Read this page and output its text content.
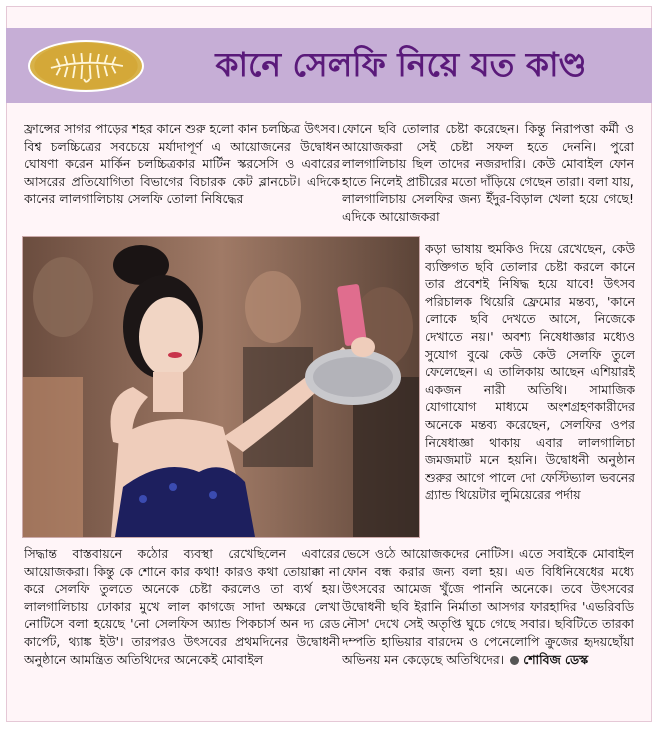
কানে সেলফি নিয়ে যত কাণ্ড
ফ্রান্সের সাগর পাড়ের শহর কানে শুরু হলো কান চলচ্চিত্র উৎসব। বিশ্ব চলচ্চিত্রের সবচেয়ে মর্যাদাপূর্ণ এ আয়োজনের উদ্বোধন ঘোষণা করেন মার্কিন চলচ্চিত্রকার মার্টিন স্করসেসি ও এবারের আসরের প্রতিযোগিতা বিভাগের বিচারক কেট ব্লানচেট। এদিকে কানের লালগালিচায় সেলফি তোলা নিষিদ্ধের
ফোনে ছবি তোলার চেষ্টা করেছেন। কিন্তু নিরাপত্তা কর্মী ও আয়োজকরা সেই চেষ্টা সফল হতে দেননি। পুরো লালগালিচায় ছিল তাদের নজরদারি। কেউ মোবাইল ফোন হাতে নিলেই প্রাচীরের মতো দাঁড়িয়ে গেছেন তারা। বলা যায়, লালগালিচায় সেলফির জন্য ইঁদুর-বিড়াল খেলা হয়ে গেছে! এদিকে আয়োজকরা
কড়া ভাষায় হুমকিও দিয়ে রেখেছেন, কেউ ব্যক্তিগত ছবি তোলার চেষ্টা করলে কানে তার প্রবেশই নিষিদ্ধ হয়ে যাবে! উৎসব পরিচালক থিয়েরি ফ্রেমোর মন্তব্য, 'কানে লোকে ছবি দেখতে আসে, নিজেকে দেখাতে নয়।' অবশ্য নিষেধাজ্ঞার মধ্যেও সুযোগ বুঝে কেউ কেউ সেলফি তুলে ফেলেছেন। এ তালিকায় আছেন এশিয়ারই একজন নারী অতিথি। সামাজিক যোগাযোগ মাধ্যমে অংশগ্রহণকারীদের অনেকে মন্তব্য করেছেন, সেলফির ওপর নিষেধাজ্ঞা থাকায় এবার লালগালিচা জমজমাট মনে হয়নি। উদ্বোধনী অনুষ্ঠান শুরুর আগে পালে দো ফেস্টিভ্যাল ভবনের গ্র্যান্ড থিয়েটার লুমিয়েরের পর্দায়
সিদ্ধান্ত বাস্তবায়নে কঠোর ব্যবস্থা রেখেছিলেন এবারের আয়োজকরা। কিন্তু কে শোনে কার কথা! কারও কথা তোয়াক্কা না করে সেলফি তুলতে অনেকে চেষ্টা করলেও তা ব্যর্থ হয়। লালগালিচায় ঢোকার মুখে লাল কাগজে সাদা অক্ষরে লেখা নোটিসে বলা হয়েছে 'নো সেলফিস অ্যান্ড পিকচার্স অন দ্য রেড কার্পেট, থ্যাঙ্ক ইউ'। তারপরও উৎসবের প্রথমদিনের উদ্বোধনী অনুষ্ঠানে আমন্ত্রিত অতিথিদের অনেকেই মোবাইল
ভেসে ওঠে আয়োজকদের নোটিস। এতে সবাইকে মোবাইল ফোন বন্ধ করার জন্য বলা হয়। এত বিধিনিষেধের মধ্যে উৎসবের আমেজ খুঁজে পাননি অনেকে। তবে উৎসবের উদ্বোধনী ছবি ইরানি নির্মাতা আসগর ফারহাদির 'এভরিবডি নৌস' দেখে সেই অতৃপ্তি ঘুচে গেছে সবার। ছবিটিতে তারকা দম্পতি হাভিয়ার বারদেম ও পেনেলোপি ক্রুজের হৃদয়ছোঁয়া অভিনয় মন কেড়েছে অতিথিদের। শোবিজ ডেস্ক
